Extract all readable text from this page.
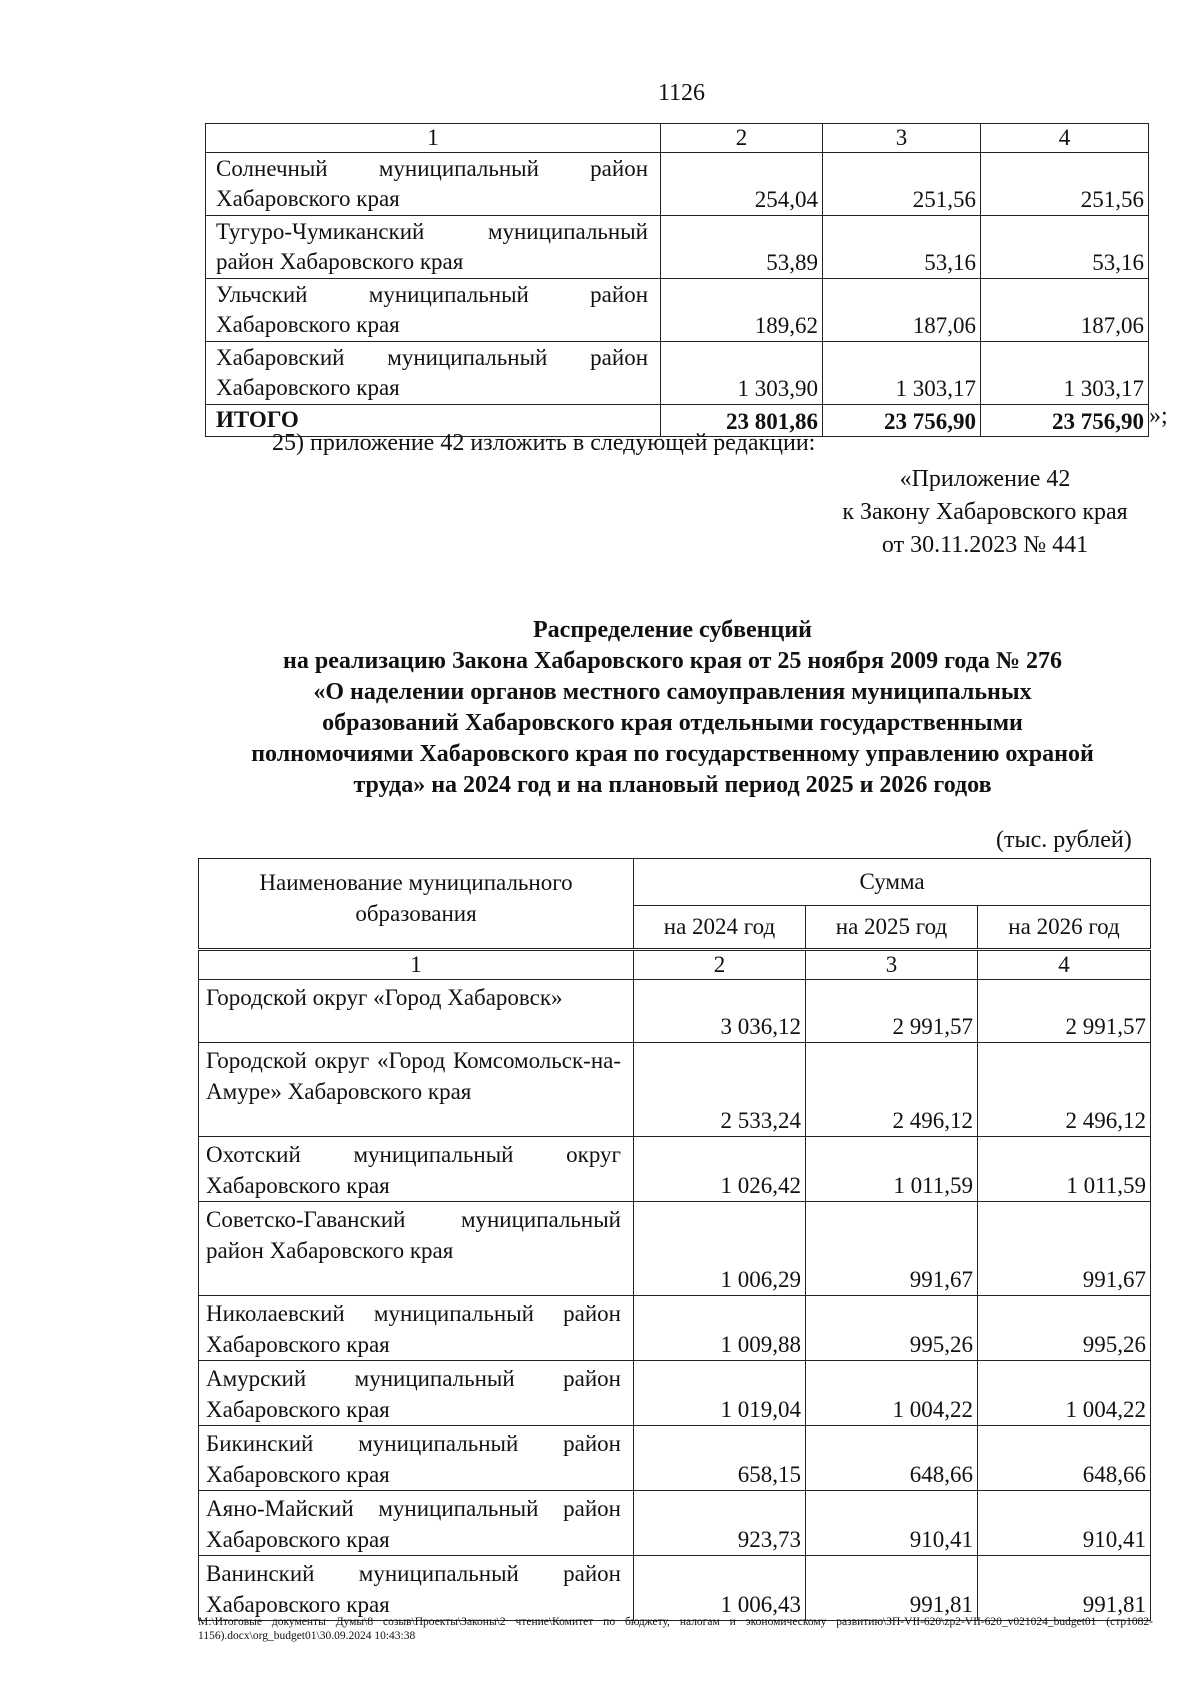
1126
1	2	3	4
Солнечный муниципальный район Хабаровского края	254,04	251,56	251,56
Тугуро-Чумиканский муниципальный район Хабаровского края	53,89	53,16	53,16
Ульчский муниципальный район Хабаровского края	189,62	187,06	187,06
Хабаровский муниципальный район Хабаровского края	1 303,90	1 303,17	1 303,17
ИТОГО	23 801,86	23 756,90	23 756,90 »;
25) приложение 42 изложить в следующей редакции:
«Приложение 42
к Закону Хабаровского края
от 30.11.2023 № 441
Распределение субвенций
на реализацию Закона Хабаровского края от 25 ноября 2009 года № 276
«О наделении органов местного самоуправления муниципальных
образований Хабаровского края отдельными государственными
полномочиями Хабаровского края по государственному управлению охраной
труда» на 2024 год и на плановый период 2025 и 2026 годов
(тыс. рублей)
Наименование муниципального образования	Сумма		
	на 2024 год	на 2025 год	на 2026 год
1	2	3	4
Городской округ «Город Хабаровск»	3 036,12	2 991,57	2 991,57
Городской округ «Город Комсомольск-на-Амуре» Хабаровского края	2 533,24	2 496,12	2 496,12
Охотский муниципальный округ Хабаровского края	1 026,42	1 011,59	1 011,59
Советско-Гаванский муниципальный район Хабаровского края	1 006,29	991,67	991,67
Николаевский муниципальный район Хабаровского края	1 009,88	995,26	995,26
Амурский муниципальный район Хабаровского края	1 019,04	1 004,22	1 004,22
Бикинский муниципальный район Хабаровского края	658,15	648,66	648,66
Аяно-Майский муниципальный район Хабаровского края	923,73	910,41	910,41
Ванинский муниципальный район Хабаровского края	1 006,43	991,81	991,81
M:\Итоговые документы Думы\8 созыв\Проекты\Законы\2 чтение\Комитет по бюджету, налогам и экономическому развитию\ЗП-VII-620\zp2-VII-620_v021024_budget01 (стр1082-1156).docx\org_budget01\30.09.2024 10:43:38
